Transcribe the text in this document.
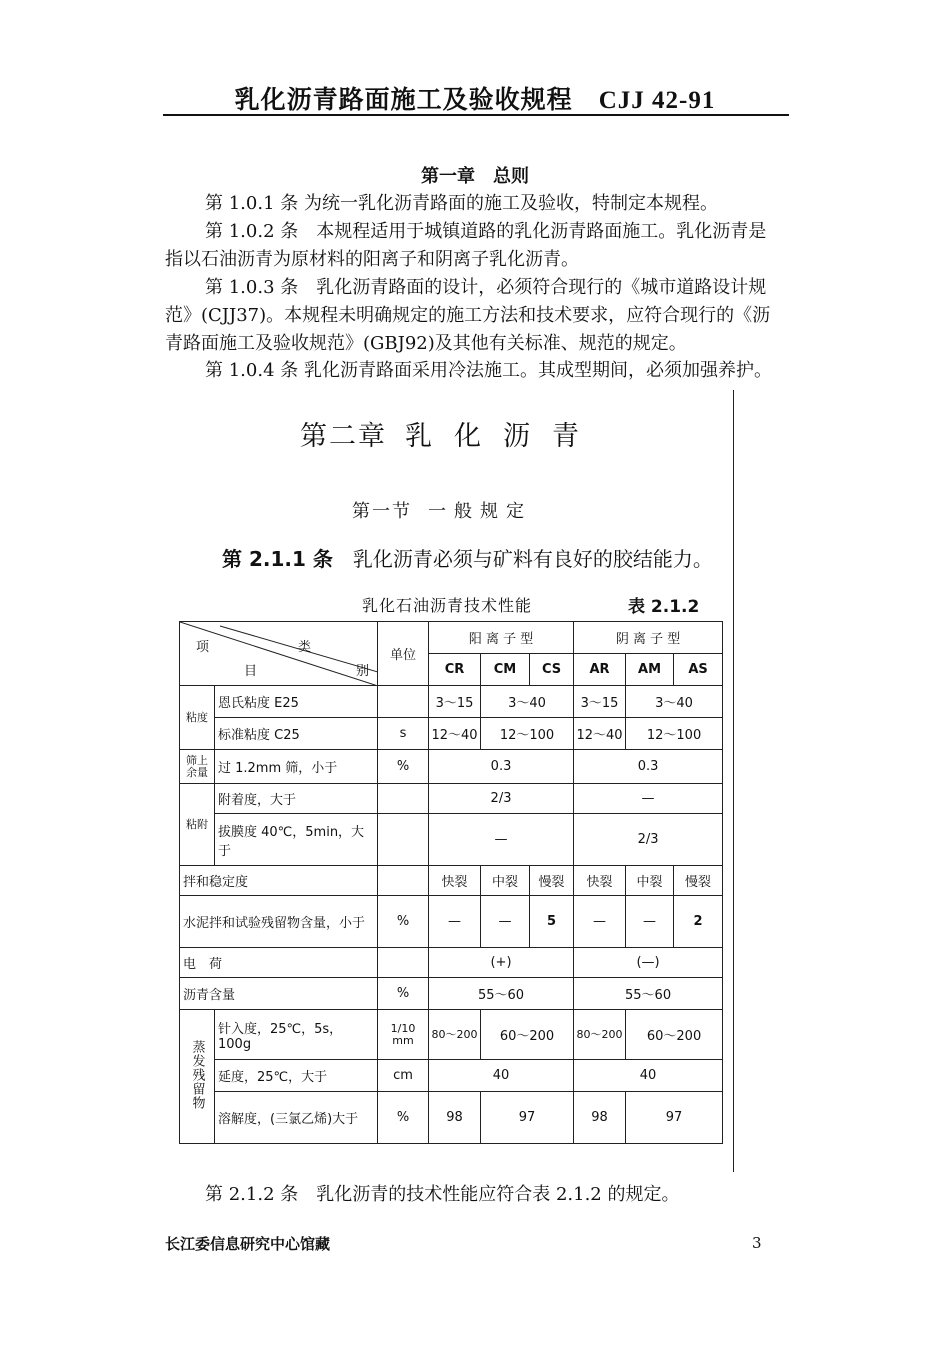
乳化沥青路面施工及验收规程 CJJ 42-91
第一章　总则
第 1.0.1 条 为统一乳化沥青路面的施工及验收，特制定本规程。
第 1.0.2 条　本规程适用于城镇道路的乳化沥青路面施工。乳化沥青是
指以石油沥青为原材料的阳离子和阴离子乳化沥青。
第 1.0.3 条　乳化沥青路面的设计，必须符合现行的《城市道路设计规
范》(CJJ37)。本规程未明确规定的施工方法和技术要求，应符合现行的《沥
青路面施工及验收规范》(GBJ92)及其他有关标准、规范的规定。
第 1.0.4 条 乳化沥青路面采用冷法施工。其成型期间，必须加强养护。
第二章 乳化沥青
第一节 一般规定
第 2.1.1 条 乳化沥青必须与矿料有良好的胶结能力。
乳化石油沥青技术性能	表 2.1.2
项 类
目 别		单位	阳 离 子 型			阴 离 子 型		
			CR	CM	CS	AR	AM	AS
粘度	恩氏粘度 E25		3～15	3～40		3～15	3～40	
	标准粘度 C25	s	12～40	12～100		12～40	12～100	
筛上余量	过 1.2mm 筛，小于	%	0.3			0.3		
粘附	附着度，大于		2/3			—		
	拔膜度 40℃，5min，大于		—			2/3		
拌和稳定度			快裂	中裂	慢裂	快裂	中裂	慢裂
水泥拌和试验残留物含量，小于		%	—	—	5	—	—	2
电　荷			(+)			(—)		
沥青含量		%	55～60			55～60		
蒸发残留物	针入度，25℃，5s，100g	1/10 mm	80～200	60～200		80～200	60～200	
	延度，25℃，大于	cm	40			40		
	溶解度，(三氯乙烯)大于	%	98	97		98	97	
第 2.1.2 条　乳化沥青的技术性能应符合表 2.1.2 的规定。
长江委信息研究中心馆藏	3
